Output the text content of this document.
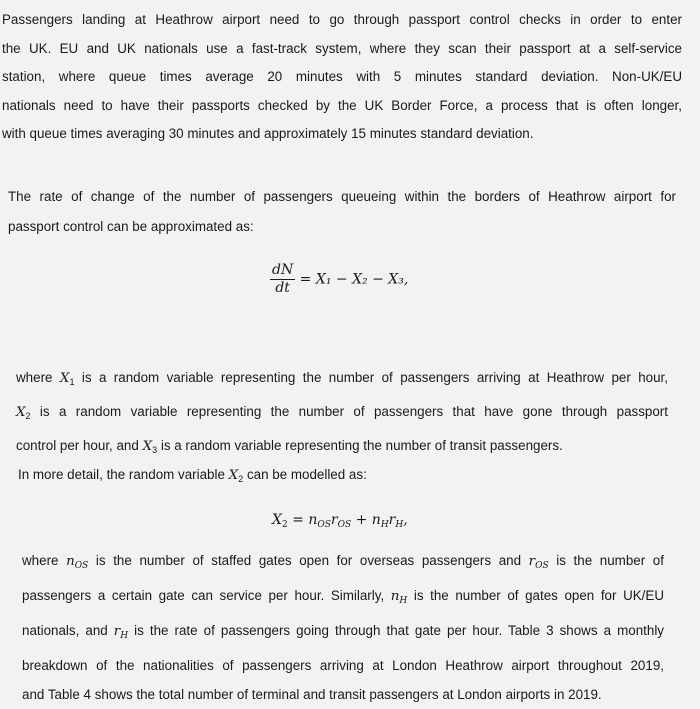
Passengers landing at Heathrow airport need to go through passport control checks in order to enter
the UK. EU and UK nationals use a fast-track system, where they scan their passport at a self-service
station, where queue times average 20 minutes with 5 minutes standard deviation. Non-UK/EU
nationals need to have their passports checked by the UK Border Force, a process that is often longer,
with queue times averaging 30 minutes and approximately 15 minutes standard deviation.
The rate of change of the number of passengers queueing within the borders of Heathrow airport for
passport control can be approximated as:
$\frac{dN}{dt} = X_1 - X_2 - X_3$,
where $X_1$ is a random variable representing the number of passengers arriving at Heathrow per hour,
$X_2$ is a random variable representing the number of passengers that have gone through passport
control per hour, and $X_3$ is a random variable representing the number of transit passengers.
In more detail, the random variable $X_2$ can be modelled as:
$X_2 = n_{OS}r_{OS} + n_Hr_H$,
where $n_{OS}$ is the number of staffed gates open for overseas passengers and $r_{OS}$ is the number of
passengers a certain gate can service per hour. Similarly, $n_H$ is the number of gates open for UK/EU
nationals, and $r_H$ is the rate of passengers going through that gate per hour. Table 3 shows a monthly
breakdown of the nationalities of passengers arriving at London Heathrow airport throughout 2019,
and Table 4 shows the total number of terminal and transit passengers at London airports in 2019.
